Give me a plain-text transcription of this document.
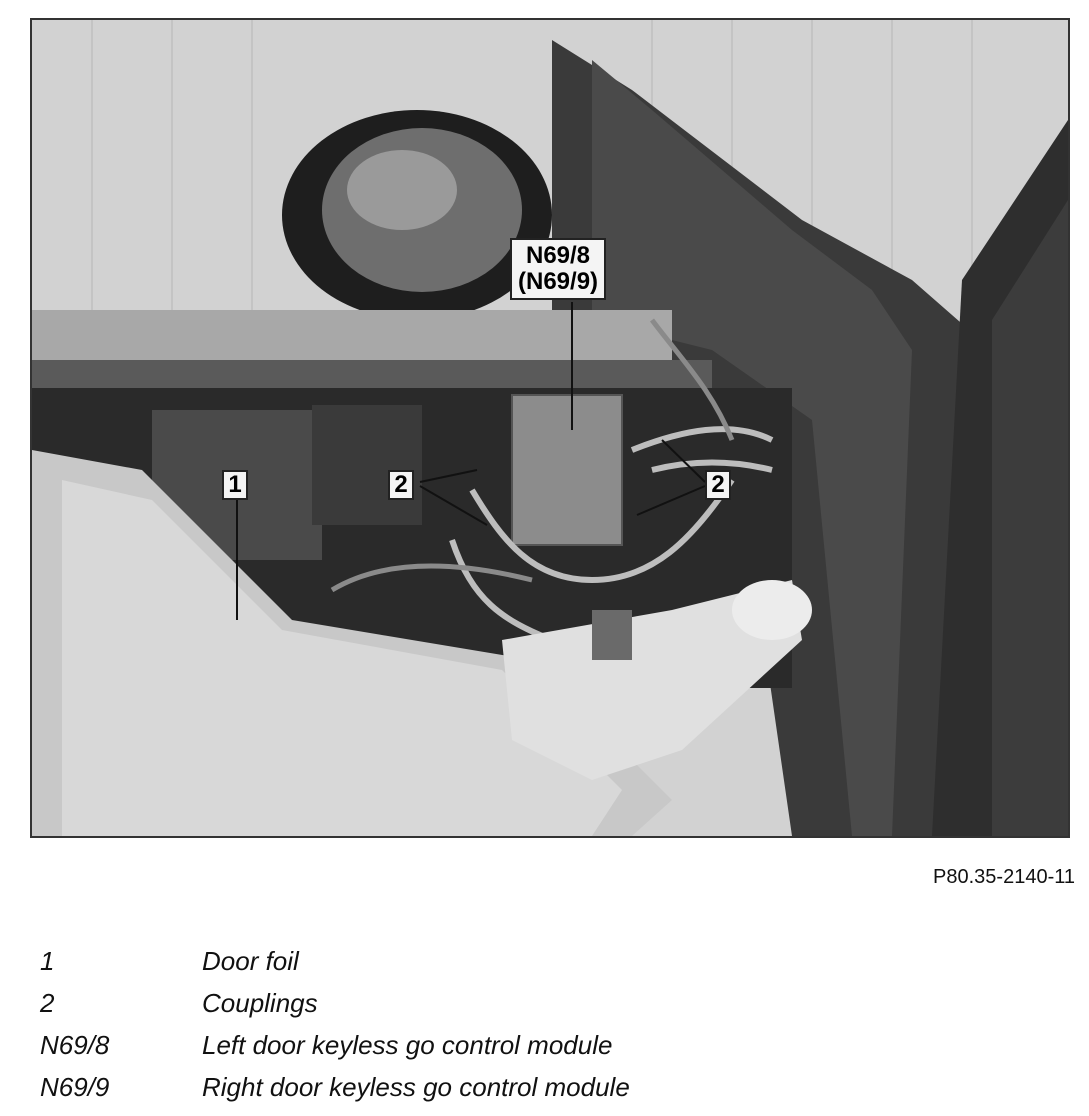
N69/8
(N69/9)
1	2	2
P80.35-2140-11
1	Door foil
2	Couplings
N69/8	Left door keyless go control module
N69/9	Right door keyless go control module
